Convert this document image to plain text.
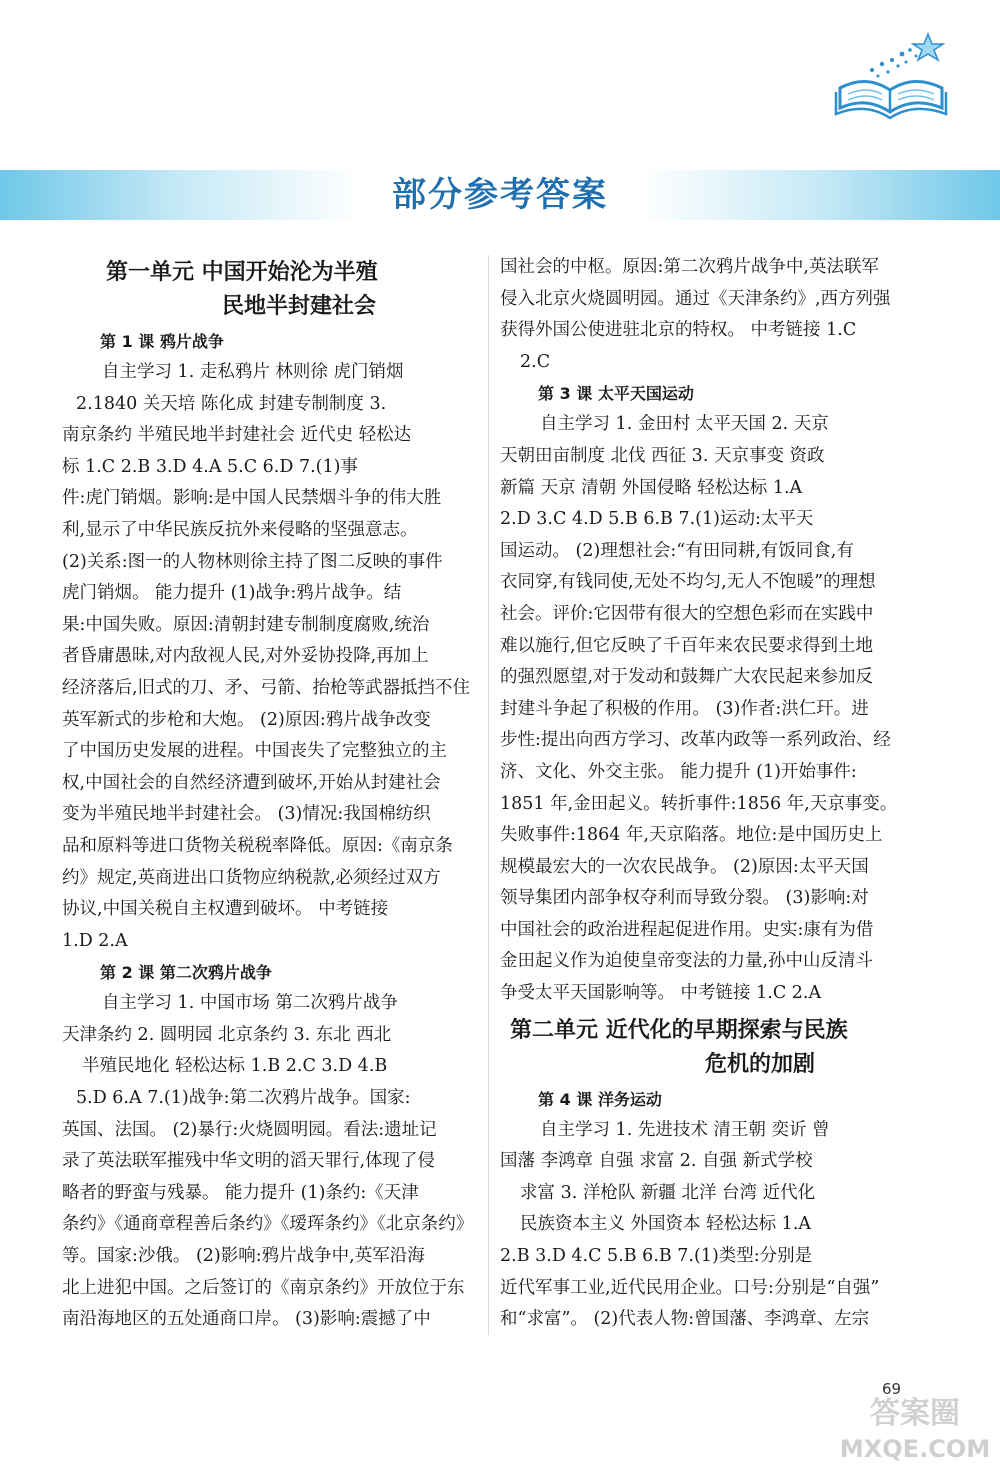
部分参考答案
第一单元 中国开始沦为半殖
民地半封建社会
第 1 课 鸦片战争
自主学习 1. 走私鸦片 林则徐 虎门销烟
2.1840 关天培 陈化成 封建专制制度 3.
南京条约 半殖民地半封建社会 近代史 轻松达
标 1.C 2.B 3.D 4.A 5.C 6.D 7.(1)事
件:虎门销烟。影响:是中国人民禁烟斗争的伟大胜
利,显示了中华民族反抗外来侵略的坚强意志。
(2)关系:图一的人物林则徐主持了图二反映的事件
虎门销烟。 能力提升 (1)战争:鸦片战争。结
果:中国失败。原因:清朝封建专制制度腐败,统治
者昏庸愚昧,对内敌视人民,对外妥协投降,再加上
经济落后,旧式的刀、矛、弓箭、抬枪等武器抵挡不住
英军新式的步枪和大炮。 (2)原因:鸦片战争改变
了中国历史发展的进程。中国丧失了完整独立的主
权,中国社会的自然经济遭到破坏,开始从封建社会
变为半殖民地半封建社会。 (3)情况:我国棉纺织
品和原料等进口货物关税税率降低。原因:《南京条
约》规定,英商进出口货物应纳税款,必须经过双方
协议,中国关税自主权遭到破坏。 中考链接
1.D 2.A
第 2 课 第二次鸦片战争
自主学习 1. 中国市场 第二次鸦片战争
天津条约 2. 圆明园 北京条约 3. 东北 西北
半殖民地化 轻松达标 1.B 2.C 3.D 4.B
5.D 6.A 7.(1)战争:第二次鸦片战争。国家:
英国、法国。 (2)暴行:火烧圆明园。看法:遗址记
录了英法联军摧残中华文明的滔天罪行,体现了侵
略者的野蛮与残暴。 能力提升 (1)条约:《天津
条约》《通商章程善后条约》《瑷珲条约》《北京条约》
等。国家:沙俄。 (2)影响:鸦片战争中,英军沿海
北上进犯中国。之后签订的《南京条约》开放位于东
南沿海地区的五处通商口岸。 (3)影响:震撼了中
国社会的中枢。原因:第二次鸦片战争中,英法联军
侵入北京火烧圆明园。通过《天津条约》,西方列强
获得外国公使进驻北京的特权。 中考链接 1.C
2.C
第 3 课 太平天国运动
自主学习 1. 金田村 太平天国 2. 天京
天朝田亩制度 北伐 西征 3. 天京事变 资政
新篇 天京 清朝 外国侵略 轻松达标 1.A
2.D 3.C 4.D 5.B 6.B 7.(1)运动:太平天
国运动。 (2)理想社会:“有田同耕,有饭同食,有
衣同穿,有钱同使,无处不均匀,无人不饱暖”的理想
社会。评价:它因带有很大的空想色彩而在实践中
难以施行,但它反映了千百年来农民要求得到土地
的强烈愿望,对于发动和鼓舞广大农民起来参加反
封建斗争起了积极的作用。 (3)作者:洪仁玕。进
步性:提出向西方学习、改革内政等一系列政治、经
济、文化、外交主张。 能力提升 (1)开始事件:
1851 年,金田起义。转折事件:1856 年,天京事变。
失败事件:1864 年,天京陷落。地位:是中国历史上
规模最宏大的一次农民战争。 (2)原因:太平天国
领导集团内部争权夺利而导致分裂。 (3)影响:对
中国社会的政治进程起促进作用。史实:康有为借
金田起义作为迫使皇帝变法的力量,孙中山反清斗
争受太平天国影响等。 中考链接 1.C 2.A
第二单元 近代化的早期探索与民族
危机的加剧
第 4 课 洋务运动
自主学习 1. 先进技术 清王朝 奕䜣 曾
国藩 李鸿章 自强 求富 2. 自强 新式学校
求富 3. 洋枪队 新疆 北洋 台湾 近代化
民族资本主义 外国资本 轻松达标 1.A
2.B 3.D 4.C 5.B 6.B 7.(1)类型:分别是
近代军事工业,近代民用企业。口号:分别是“自强”
和“求富”。 (2)代表人物:曾国藩、李鸿章、左宗
69
答案圈
MXQE.COM
